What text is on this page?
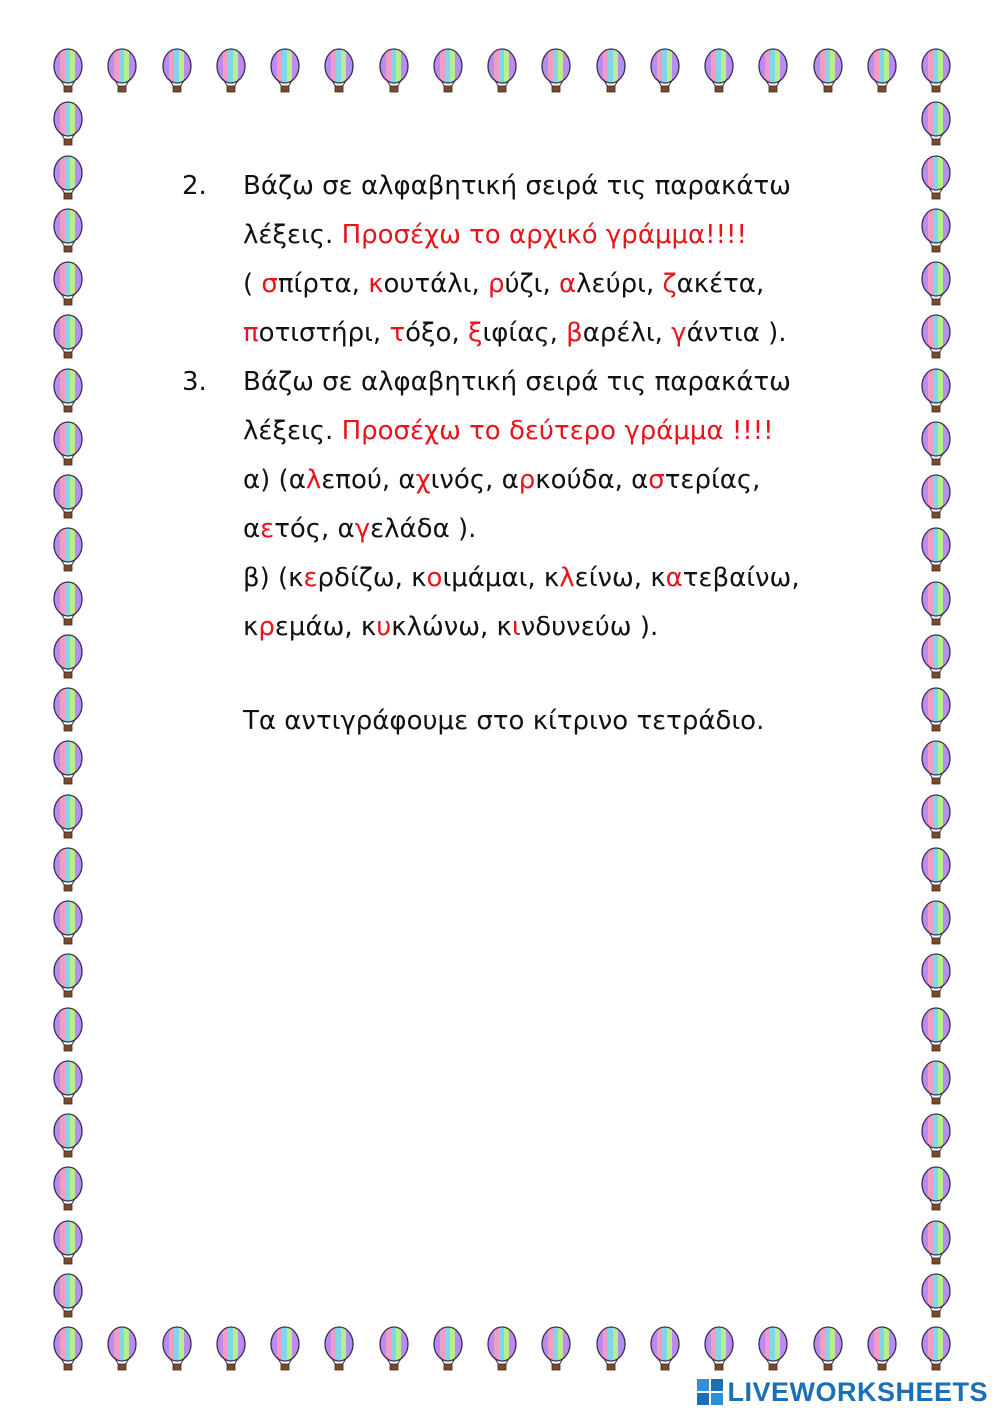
2.	Βάζω σε αλφαβητική σειρά τις παρακάτω
λέξεις. Προσέχω το αρχικό γράμμα!!!!
( σπίρτα, κουτάλι, ρύζι, αλεύρι, ζακέτα,
ποτιστήρι, τόξο, ξιφίας, βαρέλι, γάντια ).
3.	Βάζω σε αλφαβητική σειρά τις παρακάτω
λέξεις. Προσέχω το δεύτερο γράμμα !!!!
α) (αλεπού, αχινός, αρκούδα, αστερίας,
αετός, αγελάδα ).
β) (κερδίζω, κοιμάμαι, κλείνω, κατεβαίνω,
κρεμάω, κυκλώνω, κινδυνεύω ).
Τα αντιγράφουμε στο κίτρινο τετράδιο.
LIVEWORKSHEETS
